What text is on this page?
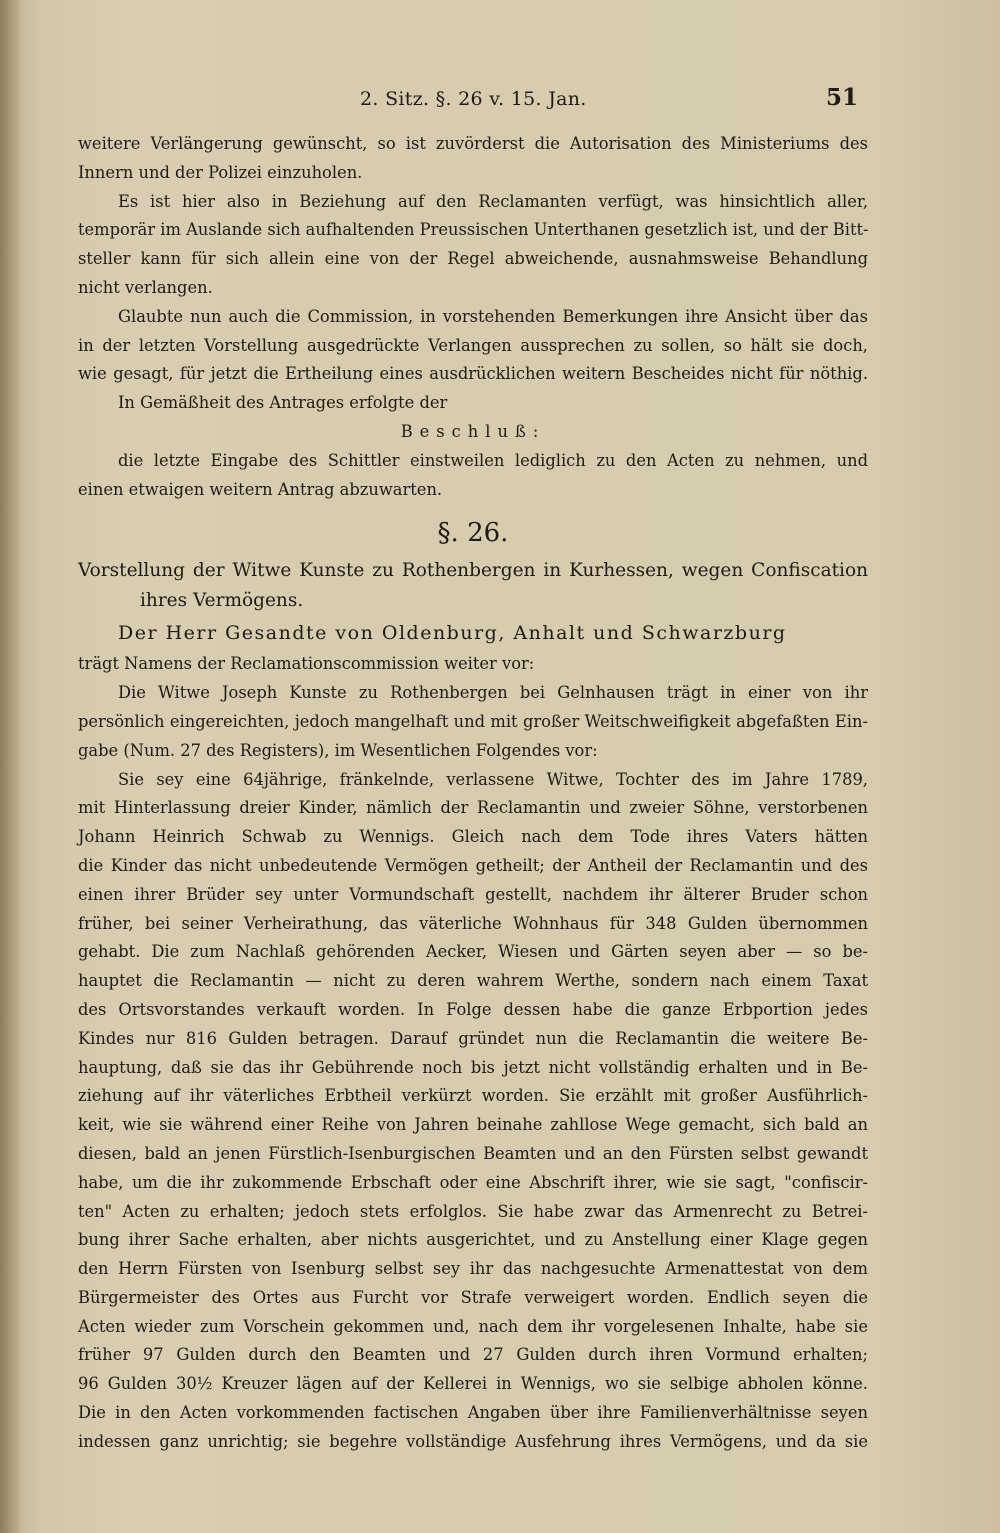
2. Sitz. §. 26 v. 15. Jan.	51
weitere Verlängerung gewünscht, so ist zuvörderst die Autorisation des Ministeriums des
Innern und der Polizei einzuholen.
Es ist hier also in Beziehung auf den Reclamanten verfügt, was hinsichtlich aller,
temporär im Auslande sich aufhaltenden Preussischen Unterthanen gesetzlich ist, und der Bitt-
steller kann für sich allein eine von der Regel abweichende, ausnahmsweise Behandlung
nicht verlangen.
Glaubte nun auch die Commission, in vorstehenden Bemerkungen ihre Ansicht über das
in der letzten Vorstellung ausgedrückte Verlangen aussprechen zu sollen, so hält sie doch,
wie gesagt, für jetzt die Ertheilung eines ausdrücklichen weitern Bescheides nicht für nöthig.
In Gemäßheit des Antrages erfolgte der
Beschluß:
die letzte Eingabe des Schittler einstweilen lediglich zu den Acten zu nehmen, und
einen etwaigen weitern Antrag abzuwarten.
§. 26.
Vorstellung der Witwe Kunste zu Rothenbergen in Kurhessen, wegen Confiscation
ihres Vermögens.
Der Herr Gesandte von Oldenburg, Anhalt und Schwarzburg
trägt Namens der Reclamationscommission weiter vor:
Die Witwe Joseph Kunste zu Rothenbergen bei Gelnhausen trägt in einer von ihr
persönlich eingereichten, jedoch mangelhaft und mit großer Weitschweifigkeit abgefaßten Ein-
gabe (Num. 27 des Registers), im Wesentlichen Folgendes vor:
Sie sey eine 64jährige, fränkelnde, verlassene Witwe, Tochter des im Jahre 1789,
mit Hinterlassung dreier Kinder, nämlich der Reclamantin und zweier Söhne, verstorbenen
Johann Heinrich Schwab zu Wennigs. Gleich nach dem Tode ihres Vaters hätten
die Kinder das nicht unbedeutende Vermögen getheilt; der Antheil der Reclamantin und des
einen ihrer Brüder sey unter Vormundschaft gestellt, nachdem ihr älterer Bruder schon
früher, bei seiner Verheirathung, das väterliche Wohnhaus für 348 Gulden übernommen
gehabt. Die zum Nachlaß gehörenden Aecker, Wiesen und Gärten seyen aber — so be-
hauptet die Reclamantin — nicht zu deren wahrem Werthe, sondern nach einem Taxat
des Ortsvorstandes verkauft worden. In Folge dessen habe die ganze Erbportion jedes
Kindes nur 816 Gulden betragen. Darauf gründet nun die Reclamantin die weitere Be-
hauptung, daß sie das ihr Gebührende noch bis jetzt nicht vollständig erhalten und in Be-
ziehung auf ihr väterliches Erbtheil verkürzt worden. Sie erzählt mit großer Ausführlich-
keit, wie sie während einer Reihe von Jahren beinahe zahllose Wege gemacht, sich bald an
diesen, bald an jenen Fürstlich-Isenburgischen Beamten und an den Fürsten selbst gewandt
habe, um die ihr zukommende Erbschaft oder eine Abschrift ihrer, wie sie sagt, "confiscir-
ten" Acten zu erhalten; jedoch stets erfolglos. Sie habe zwar das Armenrecht zu Betrei-
bung ihrer Sache erhalten, aber nichts ausgerichtet, und zu Anstellung einer Klage gegen
den Herrn Fürsten von Isenburg selbst sey ihr das nachgesuchte Armenattestat von dem
Bürgermeister des Ortes aus Furcht vor Strafe verweigert worden. Endlich seyen die
Acten wieder zum Vorschein gekommen und, nach dem ihr vorgelesenen Inhalte, habe sie
früher 97 Gulden durch den Beamten und 27 Gulden durch ihren Vormund erhalten;
96 Gulden 30½ Kreuzer lägen auf der Kellerei in Wennigs, wo sie selbige abholen könne.
Die in den Acten vorkommenden factischen Angaben über ihre Familienverhältnisse seyen
indessen ganz unrichtig; sie begehre vollständige Ausfehrung ihres Vermögens, und da sie
